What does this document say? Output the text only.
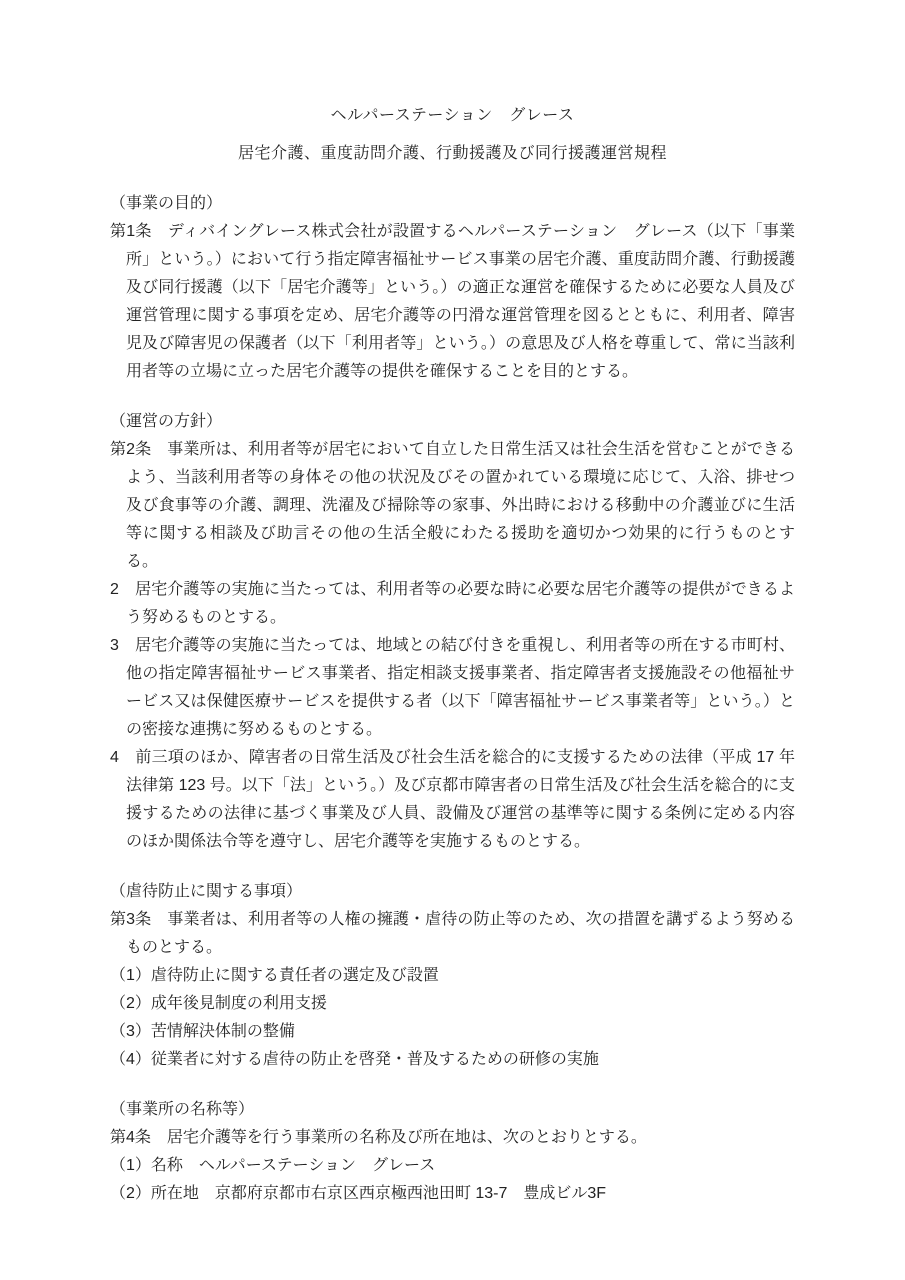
ヘルパーステーション　グレース
居宅介護、重度訪問介護、行動援護及び同行援護運営規程
（事業の目的）

第1条　ディバイングレース株式会社が設置するヘルパーステーション　グレース（以下「事業所」という。）において行う指定障害福祉サービス事業の居宅介護、重度訪問介護、行動援護及び同行援護（以下「居宅介護等」という。）の適正な運営を確保するために必要な人員及び運営管理に関する事項を定め、居宅介護等の円滑な運営管理を図るとともに、利用者、障害児及び障害児の保護者（以下「利用者等」という。）の意思及び人格を尊重して、常に当該利用者等の立場に立った居宅介護等の提供を確保することを目的とする。

（運営の方針）

第2条　事業所は、利用者等が居宅において自立した日常生活又は社会生活を営むことができるよう、当該利用者等の身体その他の状況及びその置かれている環境に応じて、入浴、排せつ及び食事等の介護、調理、洗濯及び掃除等の家事、外出時における移動中の介護並びに生活等に関する相談及び助言その他の生活全般にわたる援助を適切かつ効果的に行うものとする。

2　居宅介護等の実施に当たっては、利用者等の必要な時に必要な居宅介護等の提供ができるよう努めるものとする。

3　居宅介護等の実施に当たっては、地域との結び付きを重視し、利用者等の所在する市町村、他の指定障害福祉サービス事業者、指定相談支援事業者、指定障害者支援施設その他福祉サービス又は保健医療サービスを提供する者（以下「障害福祉サービス事業者等」という。）との密接な連携に努めるものとする。

4　前三項のほか、障害者の日常生活及び社会生活を総合的に支援するための法律（平成 17 年法律第 123 号。以下「法」という。）及び京都市障害者の日常生活及び社会生活を総合的に支援するための法律に基づく事業及び人員、設備及び運営の基準等に関する条例に定める内容のほか関係法令等を遵守し、居宅介護等を実施するものとする。

（虐待防止に関する事項）

第3条　事業者は、利用者等の人権の擁護・虐待の防止等のため、次の措置を講ずるよう努めるものとする。

（1）虐待防止に関する責任者の選定及び設置

（2）成年後見制度の利用支援

（3）苦情解決体制の整備

（4）従業者に対する虐待の防止を啓発・普及するための研修の実施

（事業所の名称等）

第4条　居宅介護等を行う事業所の名称及び所在地は、次のとおりとする。

（1）名称　ヘルパーステーション　グレース

（2）所在地　京都府京都市右京区西京極西池田町 13-7　豊成ビル3F
